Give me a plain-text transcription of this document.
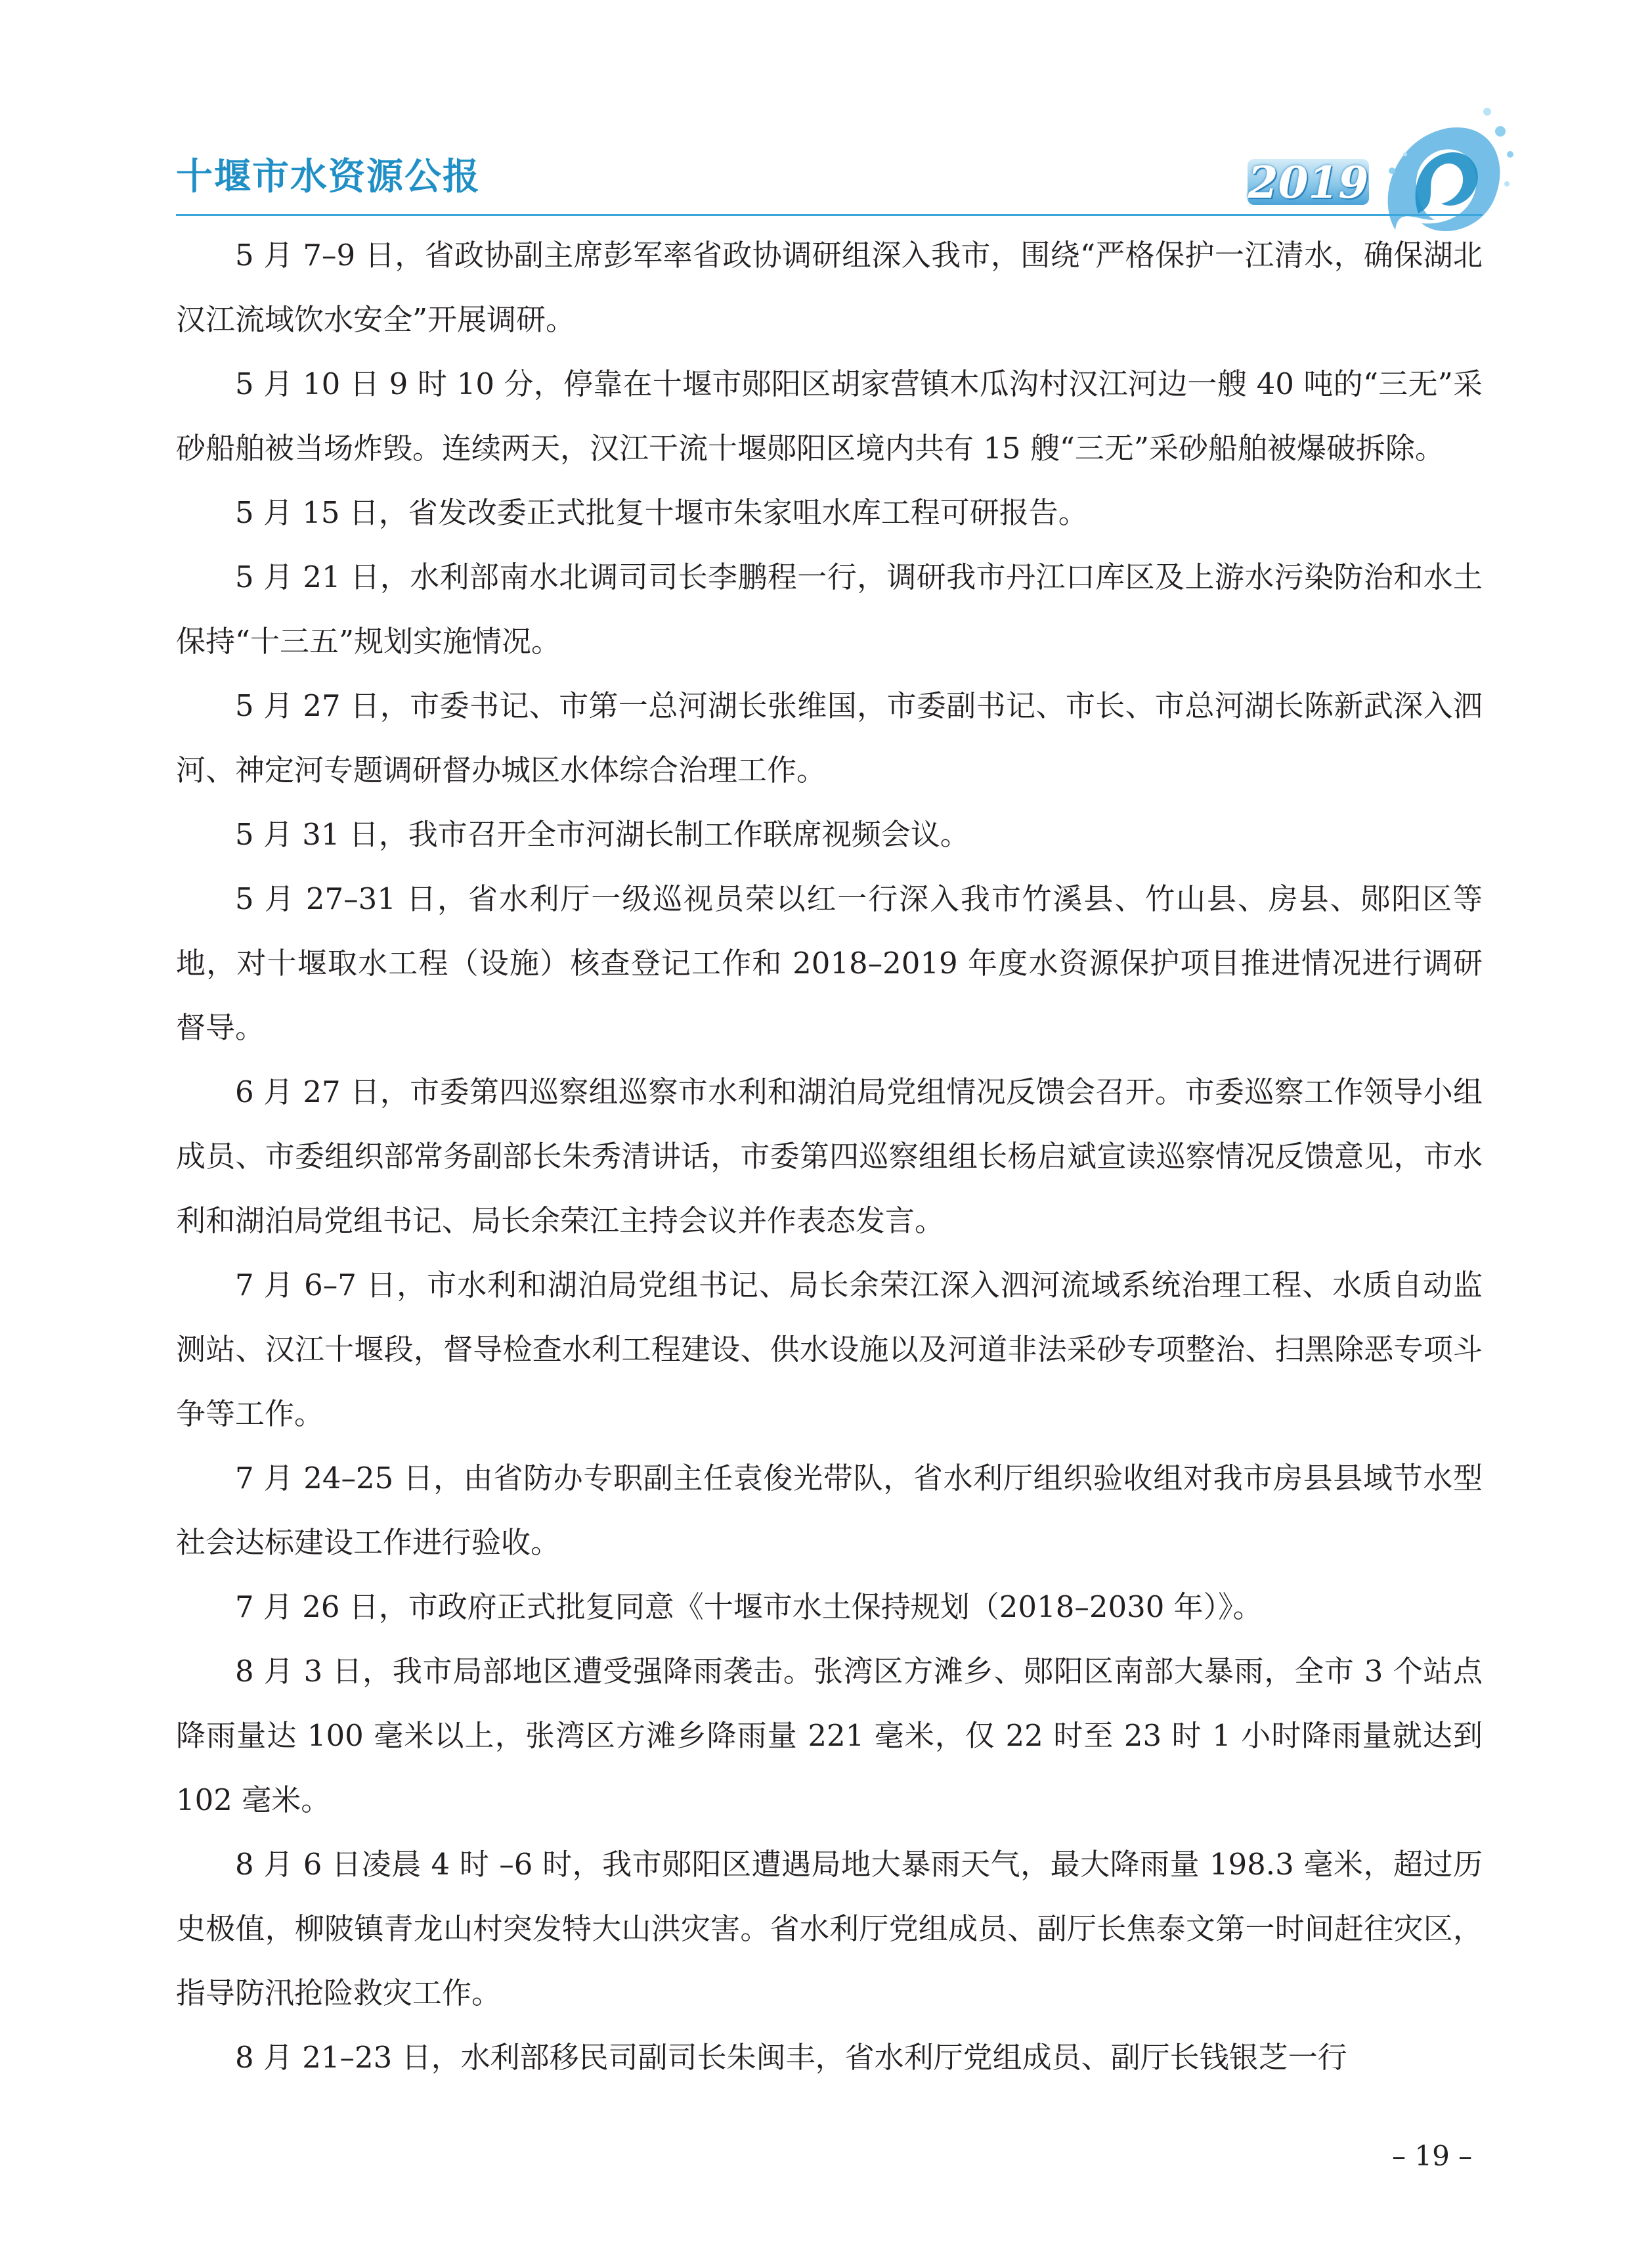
十堰市水资源公报	2019

5 月 7–9 日，省政协副主席彭军率省政协调研组深入我市，围绕“严格保护一江清水，确保湖北汉江流域饮水安全”开展调研。

5 月 10 日 9 时 10 分，停靠在十堰市郧阳区胡家营镇木瓜沟村汉江河边一艘 40 吨的“三无”采砂船舶被当场炸毁。连续两天，汉江干流十堰郧阳区境内共有 15 艘“三无”采砂船舶被爆破拆除。

5 月 15 日，省发改委正式批复十堰市朱家咀水库工程可研报告。

5 月 21 日，水利部南水北调司司长李鹏程一行，调研我市丹江口库区及上游水污染防治和水土保持“十三五”规划实施情况。

5 月 27 日，市委书记、市第一总河湖长张维国，市委副书记、市长、市总河湖长陈新武深入泗河、神定河专题调研督办城区水体综合治理工作。

5 月 31 日，我市召开全市河湖长制工作联席视频会议。

5 月 27–31 日，省水利厅一级巡视员荣以红一行深入我市竹溪县、竹山县、房县、郧阳区等地，对十堰取水工程（设施）核查登记工作和 2018–2019 年度水资源保护项目推进情况进行调研督导。

6 月 27 日，市委第四巡察组巡察市水利和湖泊局党组情况反馈会召开。市委巡察工作领导小组成员、市委组织部常务副部长朱秀清讲话，市委第四巡察组组长杨启斌宣读巡察情况反馈意见，市水利和湖泊局党组书记、局长余荣江主持会议并作表态发言。

7 月 6–7 日，市水利和湖泊局党组书记、局长余荣江深入泗河流域系统治理工程、水质自动监测站、汉江十堰段，督导检查水利工程建设、供水设施以及河道非法采砂专项整治、扫黑除恶专项斗争等工作。

7 月 24–25 日，由省防办专职副主任袁俊光带队，省水利厅组织验收组对我市房县县域节水型社会达标建设工作进行验收。

7 月 26 日，市政府正式批复同意《十堰市水土保持规划（2018–2030 年）》。

8 月 3 日，我市局部地区遭受强降雨袭击。张湾区方滩乡、郧阳区南部大暴雨，全市 3 个站点降雨量达 100 毫米以上，张湾区方滩乡降雨量 221 毫米，仅 22 时至 23 时 1 小时降雨量就达到 102 毫米。

8 月 6 日凌晨 4 时 –6 时，我市郧阳区遭遇局地大暴雨天气，最大降雨量 198.3 毫米，超过历史极值，柳陂镇青龙山村突发特大山洪灾害。省水利厅党组成员、副厅长焦泰文第一时间赶往灾区，指导防汛抢险救灾工作。

8 月 21–23 日，水利部移民司副司长朱闽丰，省水利厅党组成员、副厅长钱银芝一行

– 19 –
